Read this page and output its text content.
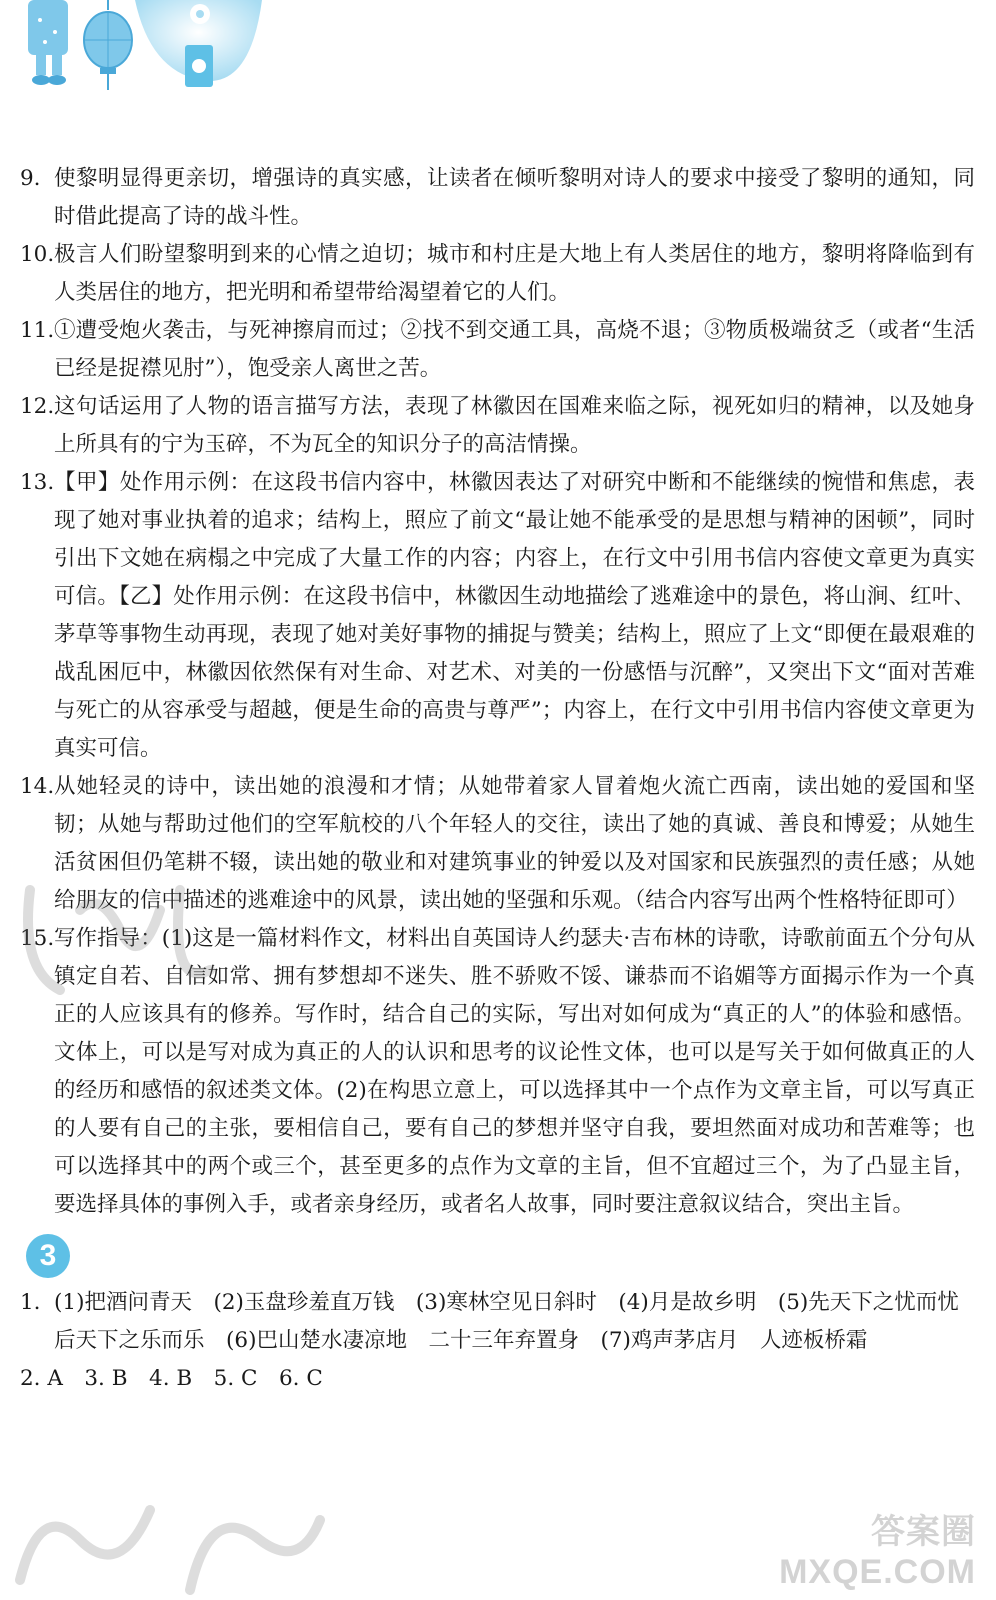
9. 使黎明显得更亲切，增强诗的真实感，让读者在倾听黎明对诗人的要求中接受了黎明的通知，同时借此提高了诗的战斗性。
10. 极言人们盼望黎明到来的心情之迫切；城市和村庄是大地上有人类居住的地方，黎明将降临到有人类居住的地方，把光明和希望带给渴望着它的人们。
11. ①遭受炮火袭击，与死神擦肩而过；②找不到交通工具，高烧不退；③物质极端贫乏（或者“生活已经是捉襟见肘”），饱受亲人离世之苦。
12. 这句话运用了人物的语言描写方法，表现了林徽因在国难来临之际，视死如归的精神，以及她身上所具有的宁为玉碎，不为瓦全的知识分子的高洁情操。
13. 【甲】处作用示例：在这段书信内容中，林徽因表达了对研究中断和不能继续的惋惜和焦虑，表现了她对事业执着的追求；结构上，照应了前文“最让她不能承受的是思想与精神的困顿”，同时引出下文她在病榻之中完成了大量工作的内容；内容上，在行文中引用书信内容使文章更为真实可信。【乙】处作用示例：在这段书信中，林徽因生动地描绘了逃难途中的景色，将山涧、红叶、茅草等事物生动再现，表现了她对美好事物的捕捉与赞美；结构上，照应了上文“即便在最艰难的战乱困厄中，林徽因依然保有对生命、对艺术、对美的一份感悟与沉醉”，又突出下文“面对苦难与死亡的从容承受与超越，便是生命的高贵与尊严”；内容上，在行文中引用书信内容使文章更为真实可信。
14. 从她轻灵的诗中，读出她的浪漫和才情；从她带着家人冒着炮火流亡西南，读出她的爱国和坚韧；从她与帮助过他们的空军航校的八个年轻人的交往，读出了她的真诚、善良和博爱；从她生活贫困但仍笔耕不辍，读出她的敬业和对建筑事业的钟爱以及对国家和民族强烈的责任感；从她给朋友的信中描述的逃难途中的风景，读出她的坚强和乐观。（结合内容写出两个性格特征即可）
15. 写作指导：(1)这是一篇材料作文，材料出自英国诗人约瑟夫·吉布林的诗歌，诗歌前面五个分句从镇定自若、自信如常、拥有梦想却不迷失、胜不骄败不馁、谦恭而不谄媚等方面揭示作为一个真正的人应该具有的修养。写作时，结合自己的实际，写出对如何成为“真正的人”的体验和感悟。文体上，可以是写对成为真正的人的认识和思考的议论性文体，也可以是写关于如何做真正的人的经历和感悟的叙述类文体。(2)在构思立意上，可以选择其中一个点作为文章主旨，可以写真正的人要有自己的主张，要相信自己，要有自己的梦想并坚守自我，要坦然面对成功和苦难等；也可以选择其中的两个或三个，甚至更多的点作为文章的主旨，但不宜超过三个，为了凸显主旨，要选择具体的事例入手，或者亲身经历，或者名人故事，同时要注意叙议结合，突出主旨。
3
1. (1)把酒问青天　(2)玉盘珍羞直万钱　(3)寒林空见日斜时　(4)月是故乡明　(5)先天下之忧而忧　后天下之乐而乐　(6)巴山楚水凄凉地　二十三年弃置身　(7)鸡声茅店月　人迹板桥霜
2. A　3. B　4. B　5. C　6. C
答案圈
MXQE.COM
